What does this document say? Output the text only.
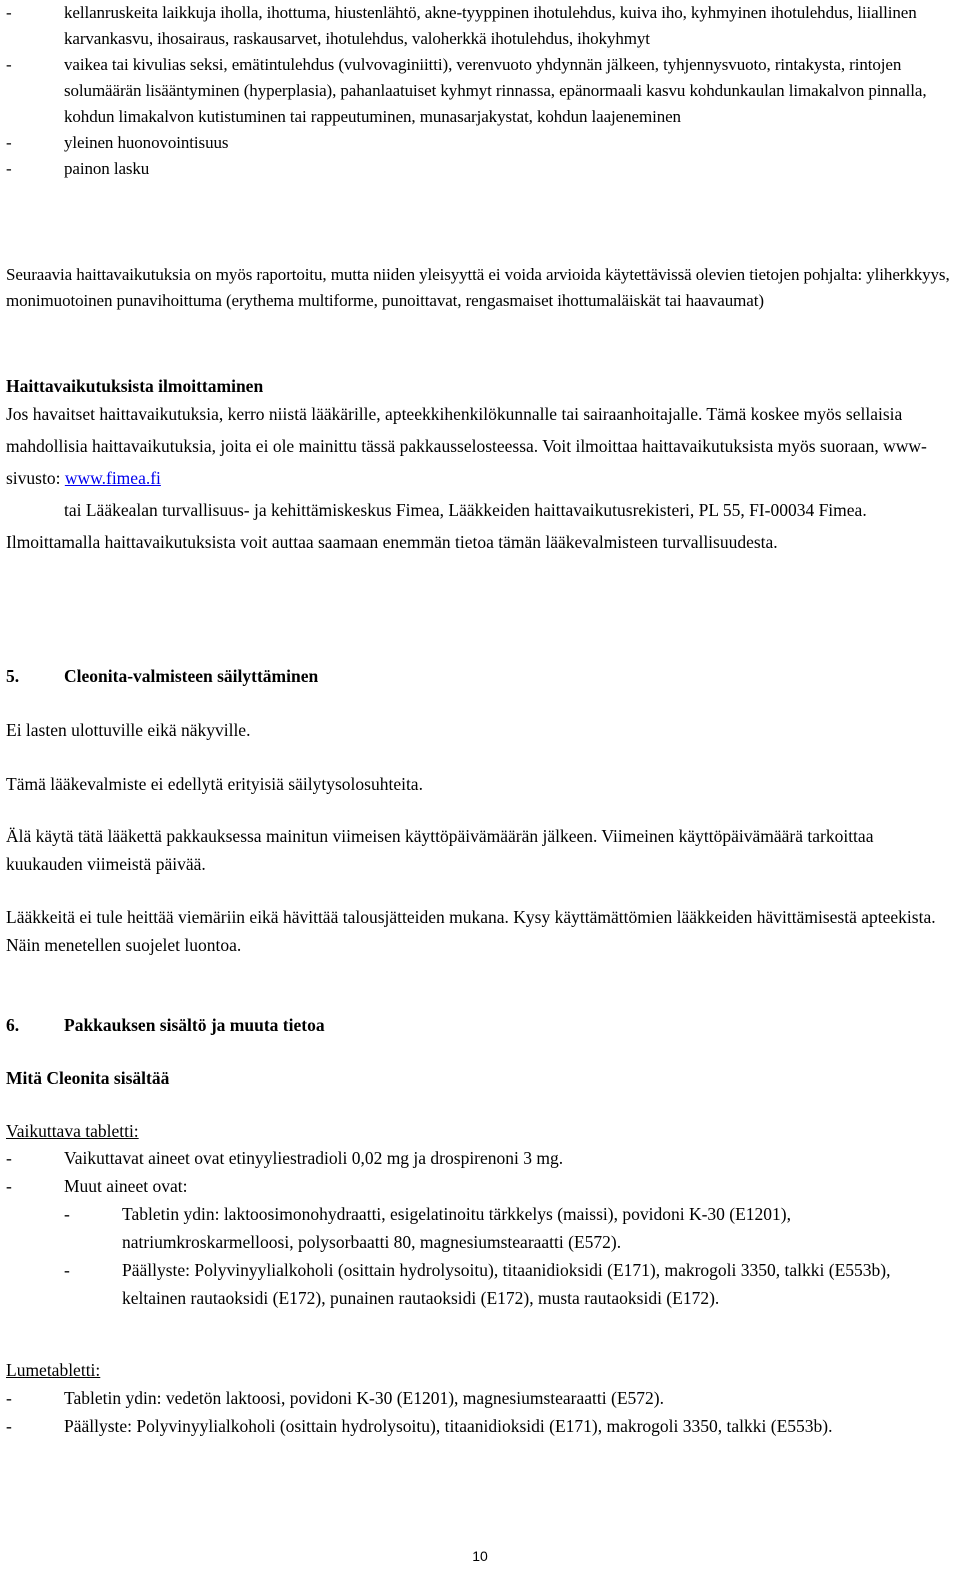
-	kellanruskeita laikkuja iholla, ihottuma, hiustenlähtö, akne-tyyppinen ihotulehdus, kuiva iho, kyhmyinen ihotulehdus, liiallinen karvankasvu, ihosairaus, raskausarvet, ihotulehdus, valoherkkä ihotulehdus, ihokyhmyt
-	vaikea tai kivulias seksi, emätintulehdus (vulvovaginiitti), verenvuoto yhdynnän jälkeen, tyhjennysvuoto, rintakysta, rintojen solumäärän lisääntyminen (hyperplasia), pahanlaatuiset kyhmyt rinnassa, epänormaali kasvu kohdunkaulan limakalvon pinnalla, kohdun limakalvon kutistuminen tai rappeutuminen, munasarjakystat, kohdun laajeneminen
-	yleinen huonovointisuus
-	painon lasku
Seuraavia haittavaikutuksia on myös raportoitu, mutta niiden yleisyyttä ei voida arvioida käytettävissä olevien tietojen pohjalta: yliherkkyys, monimuotoinen punavihoittuma (erythema multiforme, punoittavat, rengasmaiset ihottumaläiskät tai haavaumat)
Haittavaikutuksista ilmoittaminen
Jos havaitset haittavaikutuksia, kerro niistä lääkärille, apteekkihenkilökunnalle tai sairaanhoitajalle. Tämä koskee myös sellaisia mahdollisia haittavaikutuksia, joita ei ole mainittu tässä pakkausselosteessa. Voit ilmoittaa haittavaikutuksista myös suoraan, www-sivusto: www.fimea.fi
tai Lääkealan turvallisuus- ja kehittämiskeskus Fimea, Lääkkeiden haittavaikutusrekisteri, PL 55, FI-00034 Fimea. Ilmoittamalla haittavaikutuksista voit auttaa saamaan enemmän tietoa tämän lääkevalmisteen turvallisuudesta.
5.	Cleonita-valmisteen säilyttäminen
Ei lasten ulottuville eikä näkyville.
Tämä lääkevalmiste ei edellytä erityisiä säilytysolosuhteita.
Älä käytä tätä lääkettä pakkauksessa mainitun viimeisen käyttöpäivämäärän jälkeen. Viimeinen käyttöpäivämäärä tarkoittaa kuukauden viimeistä päivää.
Lääkkeitä ei tule heittää viemäriin eikä hävittää talousjätteiden mukana. Kysy käyttämättömien lääkkeiden hävittämisestä apteekista. Näin menetellen suojelet luontoa.
6.	Pakkauksen sisältö ja muuta tietoa
Mitä Cleonita sisältää
Vaikuttava tabletti:
-	Vaikuttavat aineet ovat etinyyliestradioli 0,02 mg ja drospirenoni 3 mg.
-	Muut aineet ovat:
-	Tabletin ydin: laktoosimonohydraatti, esigelatinoitu tärkkelys (maissi), povidoni K-30 (E1201), natriumkroskarmelloosi, polysorbaatti 80, magnesiumstearaatti (E572).
-	Päällyste: Polyvinyylialkoholi (osittain hydrolysoitu), titaanidioksidi (E171), makrogoli 3350, talkki (E553b), keltainen rautaoksidi (E172), punainen rautaoksidi (E172), musta rautaoksidi (E172).
Lumetabletti:
-	Tabletin ydin: vedetön laktoosi, povidoni K-30 (E1201), magnesiumstearaatti (E572).
-	Päällyste: Polyvinyylialkoholi (osittain hydrolysoitu), titaanidioksidi (E171), makrogoli 3350, talkki (E553b).
10
